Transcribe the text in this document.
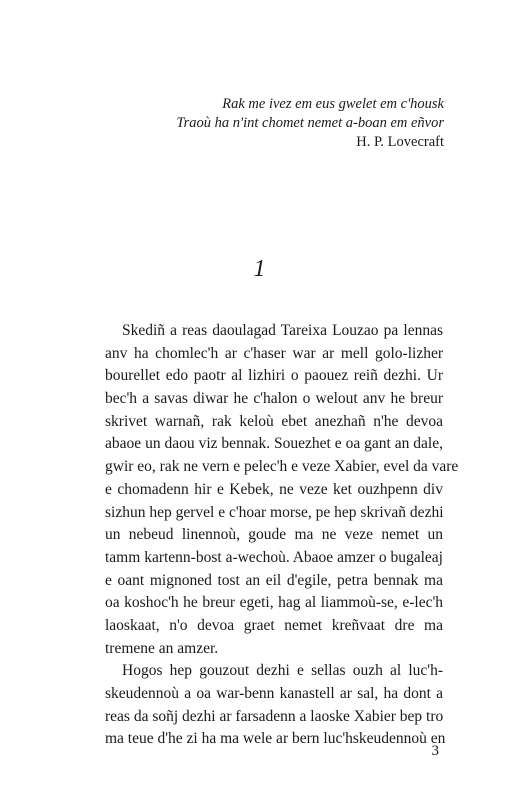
Rak me ivez em eus gwelet em c'housk
Traoù ha n'int chomet nemet a-boan em eñvor
H. P. Lovecraft
1

Skediñ a reas daoulagad Tareixa Louzao pa lennas
anv ha chomlec'h ar c'haser war ar mell golo-lizher
bourellet edo paotr al lizhiri o paouez reiñ dezhi. Ur
bec'h a savas diwar he c'halon o welout anv he breur
skrivet warnañ, rak keloù ebet anezhañ n'he devoa
abaoe un daou viz bennak. Souezhet e oa gant an dale,
gwir eo, rak ne vern e pelec'h e veze Xabier, evel da vare
e chomadenn hir e Kebek, ne veze ket ouzhpenn div
sizhun hep gervel e c'hoar morse, pe hep skrivañ dezhi
un nebeud linennoù, goude ma ne veze nemet un
tamm kartenn-bost a-wechoù. Abaoe amzer o bugaleaj
e oant mignoned tost an eil d'egile, petra bennak ma
oa koshoc'h he breur egeti, hag al liammoù-se, e-lec'h
laoskaat, n'o devoa graet nemet kreñvaat dre ma
tremene an amzer.

Hogos hep gouzout dezhi e sellas ouzh al luc'h-
skeudennoù a oa war-benn kanastell ar sal, ha dont a
reas da soñj dezhi ar farsadenn a laoske Xabier bep tro
ma teue d'he zi ha ma wele ar bern luc'hskeudennoù en

3
